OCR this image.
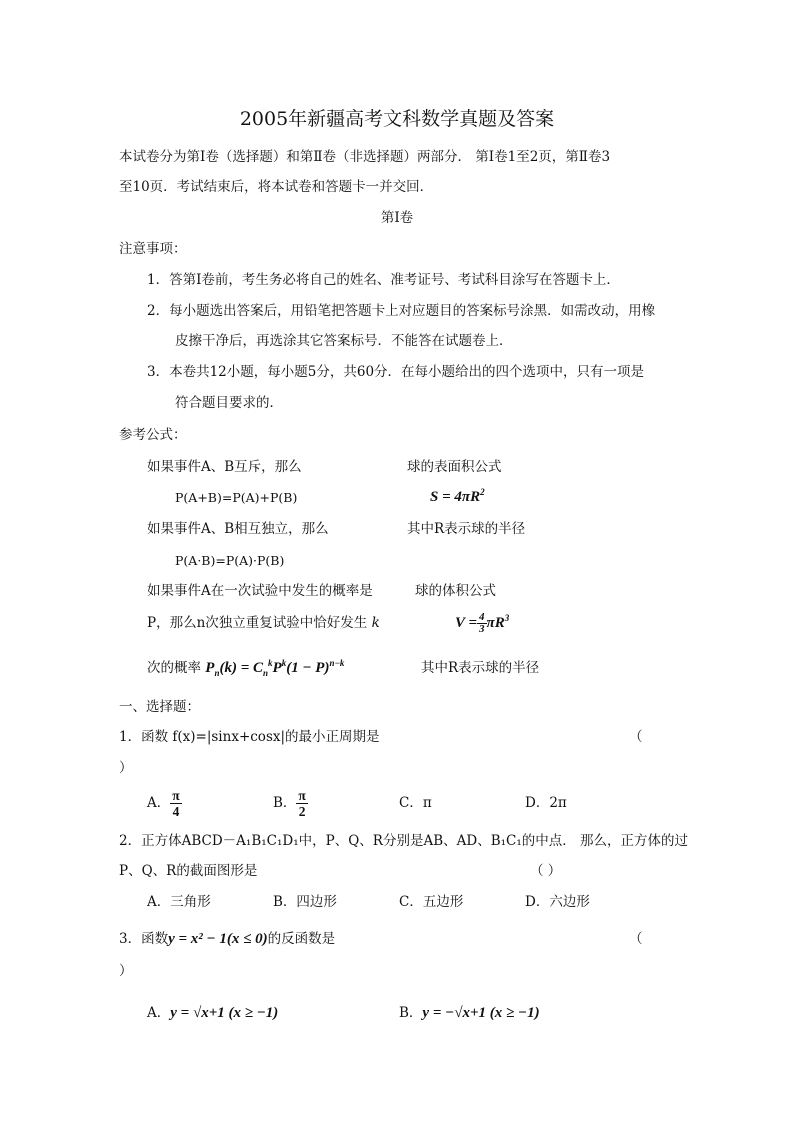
2005年新疆高考文科数学真题及答案
本试卷分为第Ⅰ卷（选择题）和第Ⅱ卷（非选择题）两部分． 第Ⅰ卷1至2页，第Ⅱ卷3
至10页．考试结束后，将本试卷和答题卡一并交回．
第Ⅰ卷
注意事项：
1．答第Ⅰ卷前，考生务必将自己的姓名、准考证号、考试科目涂写在答题卡上．
2．每小题选出答案后，用铅笔把答题卡上对应题目的答案标号涂黑．如需改动，用橡
皮擦干净后，再选涂其它答案标号．不能答在试题卷上．
3．本卷共12小题，每小题5分，共60分．在每小题给出的四个选项中，只有一项是
符合题目要求的．
参考公式：
如果事件A、B互斥，那么	球的表面积公式
P(A+B)=P(A)+P(B)	$S = 4\pi R^2$
如果事件A、B相互独立，那么	其中R表示球的半径
P(A·B)=P(A)·P(B)
如果事件A在一次试验中发生的概率是	球的体积公式
P，那么n次独立重复试验中恰好发生 k	$V = \frac{4}{3} \pi R^3$
次的概率 $P_n(k) = C_n^kP^k(1 - P)^{n-k}$	其中R表示球的半径
一、选择题：
1．函数 f(x)=|sinx+cosx|的最小正周期是	（
）
A． $\frac{\pi}{4}$	B． $\frac{\pi}{2}$	C．π	D．2π
2．正方体ABCD－A₁B₁C₁D₁中，P、Q、R分别是AB、AD、B₁C₁的中点． 那么，正方体的过
P、Q、R的截面图形是	（ ）
A．三角形	B．四边形	C．五边形	D．六边形
3．函数y = x² − 1(x ≤ 0)的反函数是	（
）
A．y = √x+1 (x ≥ −1)	B．y = −√x+1 (x ≥ −1)
